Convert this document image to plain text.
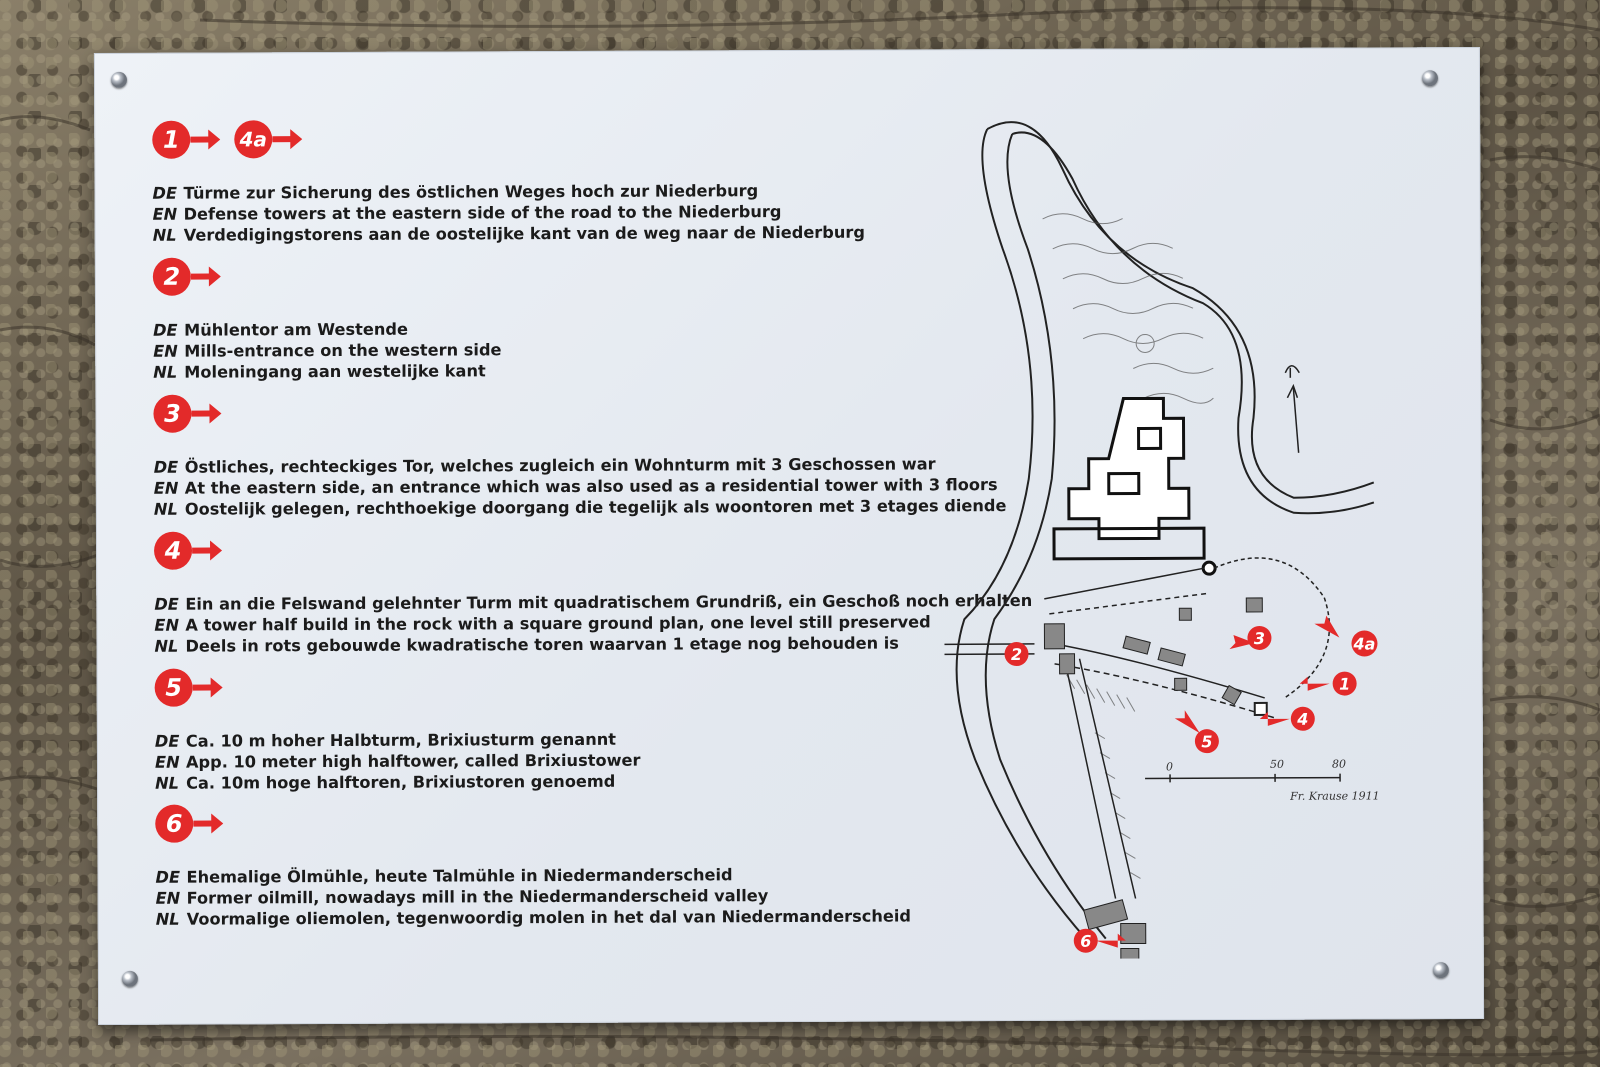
1	4a
DE Türme zur Sicherung des östlichen Weges hoch zur Niederburg
EN Defense towers at the eastern side of the road to the Niederburg
NL Verdedigingstorens aan de oostelijke kant van de weg naar de Niederburg
2
DE Mühlentor am Westende
EN Mills-entrance on the western side
NL Moleningang aan westelijke kant
3
DE Östliches, rechteckiges Tor, welches zugleich ein Wohnturm mit 3 Geschossen war
EN At the eastern side, an entrance which was also used as a residential tower with 3 floors
NL Oostelijk gelegen, rechthoekige doorgang die tegelijk als woontoren met 3 etages diende
4
DE Ein an die Felswand gelehnter Turm mit quadratischem Grundriß, ein Geschoß noch erhalten
EN A tower half build in the rock with a square ground plan, one level still preserved
NL Deels in rots gebouwde kwadratische toren waarvan 1 etage nog behouden is
5
DE Ca. 10 m hoher Halbturm, Brixiusturm genannt
EN App. 10 meter high halftower, called Brixiustower
NL Ca. 10m hoge halftoren, Brixiustoren genoemd
6
DE Ehemalige Ölmühle, heute Talmühle in Niedermanderscheid
EN Former oilmill, nowadays mill in the Niedermanderscheid valley
NL Voormalige oliemolen, tegenwoordig molen in het dal van Niedermanderscheid
0	50	80
Fr. Krause 1911
2
3	4a
1
4
5
6
